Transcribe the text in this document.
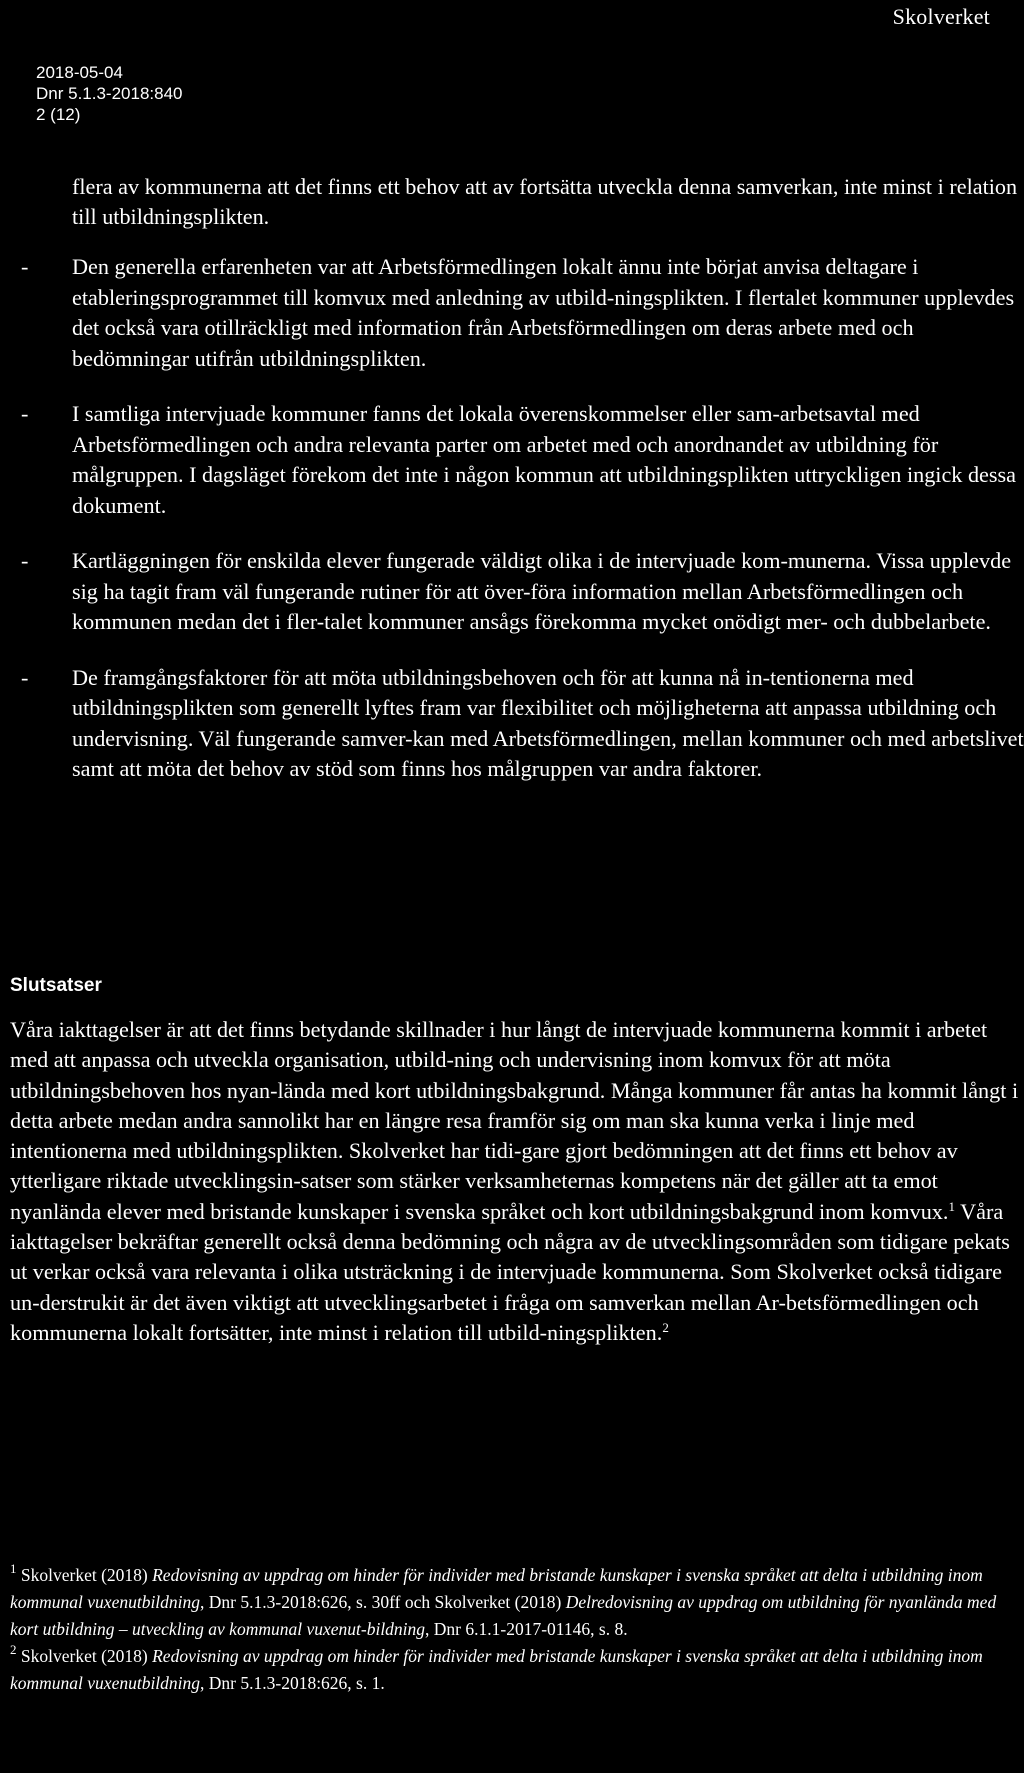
Skolverket
2018-05-04
Dnr 5.1.3-2018:840
2 (12)
flera av kommunerna att det finns ett behov att av fortsätta utveckla denna samverkan, inte minst i relation till utbildningsplikten.
- Den generella erfarenheten var att Arbetsförmedlingen lokalt ännu inte börjat anvisa deltagare i etableringsprogrammet till komvux med anledning av utbild-ningsplikten. I flertalet kommuner upplevdes det också vara otillräckligt med information från Arbetsförmedlingen om deras arbete med och bedömningar utifrån utbildningsplikten.
- I samtliga intervjuade kommuner fanns det lokala överenskommelser eller sam-arbetsavtal med Arbetsförmedlingen och andra relevanta parter om arbetet med och anordnandet av utbildning för målgruppen. I dagsläget förekom det inte i någon kommun att utbildningsplikten uttryckligen ingick dessa dokument.
- Kartläggningen för enskilda elever fungerade väldigt olika i de intervjuade kom-munerna. Vissa upplevde sig ha tagit fram väl fungerande rutiner för att över-föra information mellan Arbetsförmedlingen och kommunen medan det i fler-talet kommuner ansågs förekomma mycket onödigt mer- och dubbelarbete.
- De framgångsfaktorer för att möta utbildningsbehoven och för att kunna nå in-tentionerna med utbildningsplikten som generellt lyftes fram var flexibilitet och möjligheterna att anpassa utbildning och undervisning. Väl fungerande samver-kan med Arbetsförmedlingen, mellan kommuner och med arbetslivet samt att möta det behov av stöd som finns hos målgruppen var andra faktorer.
Slutsatser
Våra iakttagelser är att det finns betydande skillnader i hur långt de intervjuade kommunerna kommit i arbetet med att anpassa och utveckla organisation, utbild-ning och undervisning inom komvux för att möta utbildningsbehoven hos nyan-lända med kort utbildningsbakgrund. Många kommuner får antas ha kommit långt i detta arbete medan andra sannolikt har en längre resa framför sig om man ska kunna verka i linje med intentionerna med utbildningsplikten. Skolverket har tidi-gare gjort bedömningen att det finns ett behov av ytterligare riktade utvecklingsin-satser som stärker verksamheternas kompetens när det gäller att ta emot nyanlända elever med bristande kunskaper i svenska språket och kort utbildningsbakgrund inom komvux.$^1$ Våra iakttagelser bekräftar generellt också denna bedömning och några av de utvecklingsområden som tidigare pekats ut verkar också vara relevanta i olika utsträckning i de intervjuade kommunerna. Som Skolverket också tidigare un-derstrukit är det även viktigt att utvecklingsarbetet i fråga om samverkan mellan Ar-betsförmedlingen och kommunerna lokalt fortsätter, inte minst i relation till utbild-ningsplikten.$^2$
$^1$ Skolverket (2018) Redovisning av uppdrag om hinder för individer med bristande kunskaper i svenska språket att delta i utbildning inom kommunal vuxenutbildning, Dnr 5.1.3-2018:626, s. 30ff och Skolverket (2018) Delredovisning av uppdrag om utbildning för nyanlända med kort utbildning – utveckling av kommunal vuxenut-bildning, Dnr 6.1.1-2017-01146, s. 8.
$^2$ Skolverket (2018) Redovisning av uppdrag om hinder för individer med bristande kunskaper i svenska språket att delta i utbildning inom kommunal vuxenutbildning, Dnr 5.1.3-2018:626, s. 1.
